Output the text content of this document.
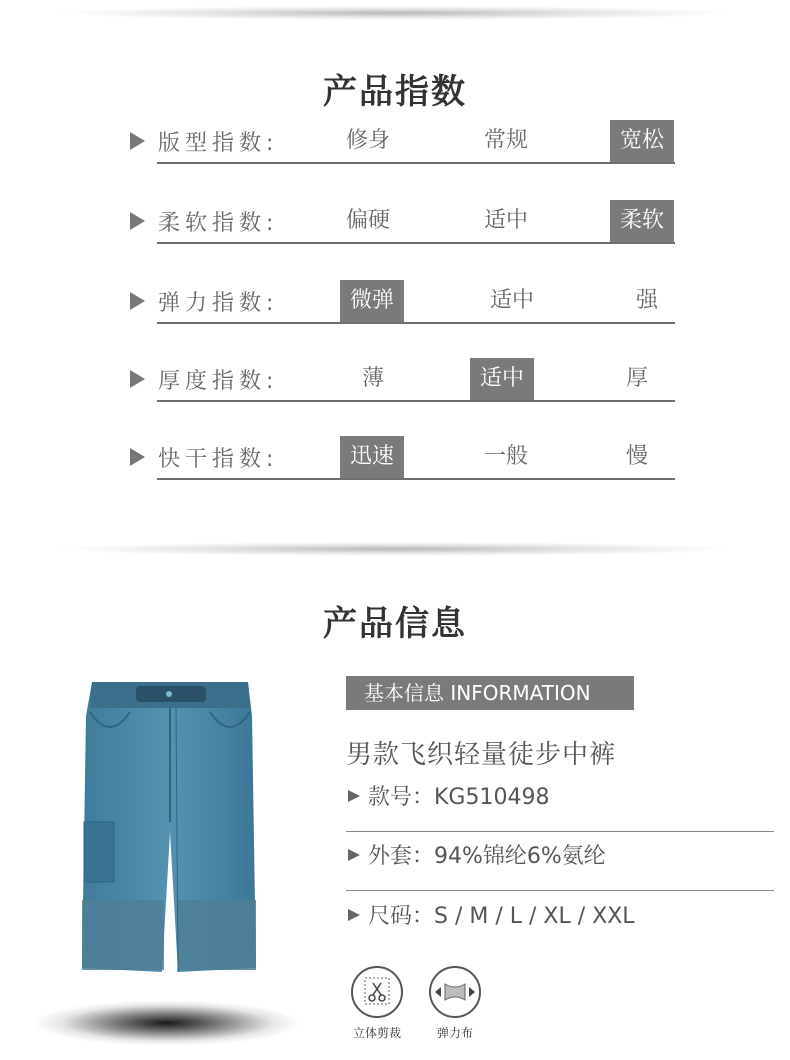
产品指数
版型指数:	修身	常规	宽松
柔软指数:	偏硬	适中	柔软
弹力指数:	微弹	适中	强
厚度指数:	薄	适中	厚
快干指数:	迅速	一般	慢
产品信息
基本信息 INFORMATION
男款飞织轻量徒步中裤
款号：KG510498
外套：94%锦纶6%氨纶
尺码：S / M / L / XL / XXL
立体剪裁	弹力布
